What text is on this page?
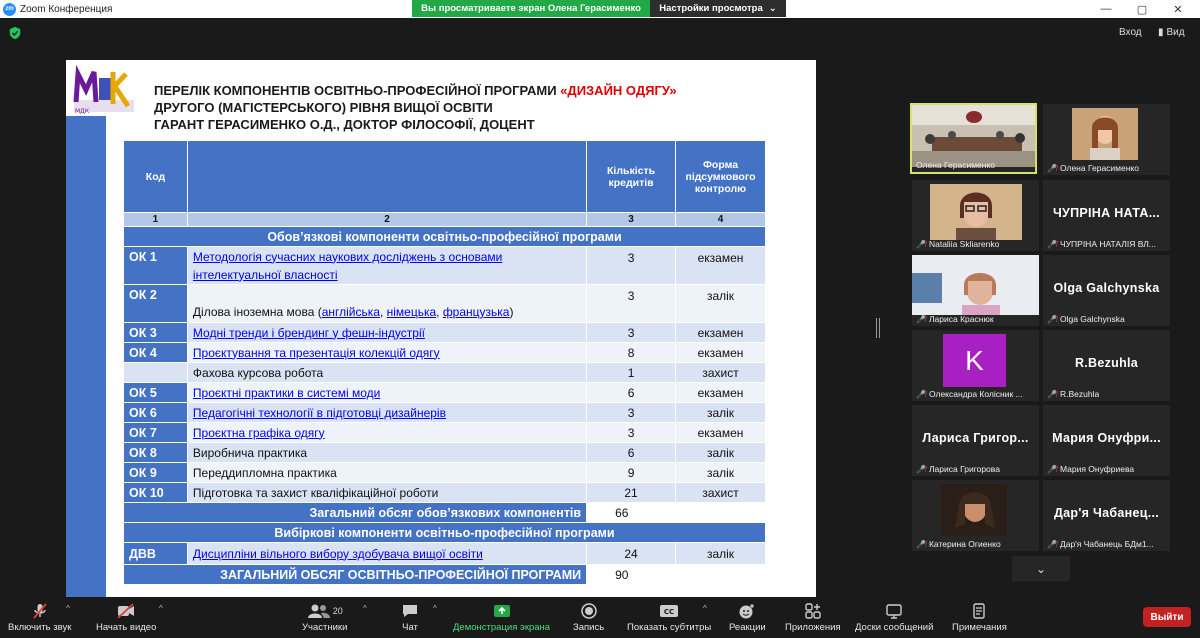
zm Zoom Конференция	Вы просматриваете экран Олена Герасименко	Настройки просмотра ⌄	— ▢ ✕
Вход ▮ Вид
МДК
ПЕРЕЛІК КОМПОНЕНТІВ ОСВІТНЬО-ПРОФЕСІЙНОЇ ПРОГРАМИ «ДИЗАЙН ОДЯГУ»
ДРУГОГО (МАГІСТЕРСЬКОГО) РІВНЯ ВИЩОЇ ОСВІТИ
ГАРАНТ ГЕРАСИМЕНКО О.Д., ДОКТОР ФІЛОСОФІЇ, ДОЦЕНТ
Код		Кількість кредитів	Форма підсумкового контролю
1	2	3	4
Обов’язкові компоненти освітньо-професійної програми			
ОК 1	Методологія сучасних наукових досліджень з основами інтелектуальної власності	3	екзамен
ОК 2	Ділова іноземна мова (англійська, німецька, французька)	3	залік
ОК 3	Модні тренди і брендинг у фешн-індустрії	3	екзамен
ОК 4	Проєктування та презентація колекцій одягу	8	екзамен
	Фахова курсова робота	1	захист
ОК 5	Проєктні практики в системі моди	6	екзамен
ОК 6	Педагогічні технології в підготовці дизайнерів	3	залік
ОК 7	Проєктна графіка одягу	3	екзамен
ОК 8	Виробнича практика	6	залік
ОК 9	Переддипломна практика	9	залік
ОК 10	Підготовка та захист кваліфікаційної роботи	21	захист
Загальний обсяг обов’язкових компонентів		66	
Вибіркові компоненти освітньо-професійної програми			
ДВВ	Дисципліни вільного вибору здобувача вищої освіти	24	залік
ЗАГАЛЬНИЙ ОБСЯГ ОСВІТНЬО-ПРОФЕСІЙНОЇ ПРОГРАМИ		90	
Олена Герасименко	🎤̸ Олена Герасименко
🎤̸ Nataliia Skliarenko
ЧУПРІНА НАТА...
🎤̸ ЧУПРІНА НАТАЛІЯ ВЛ...
🎤̸ Лариса Краснюк
Olga Galchynska
🎤̸ Olga Galchynska
K
🎤̸ Олександра Колісник ...
R.Bezuhla
🎤̸ R.Bezuhla
Лариса Григор...
🎤̸ Лариса Григорова
Мария Онуфри...
🎤̸ Мария Онуфриева
🎤̸ Катерина Огиенко
Дар'я Чабанец...
🎤̸ Дар'я Чабанець БДм1...
⌄
Включить звук
^
Начать видео
^	20
Участники
^
Чат
^
Демонстрация экрана Запись
CC
Показать субтитры
^
Реакции Приложения Доски сообщений Примечания
Выйти
